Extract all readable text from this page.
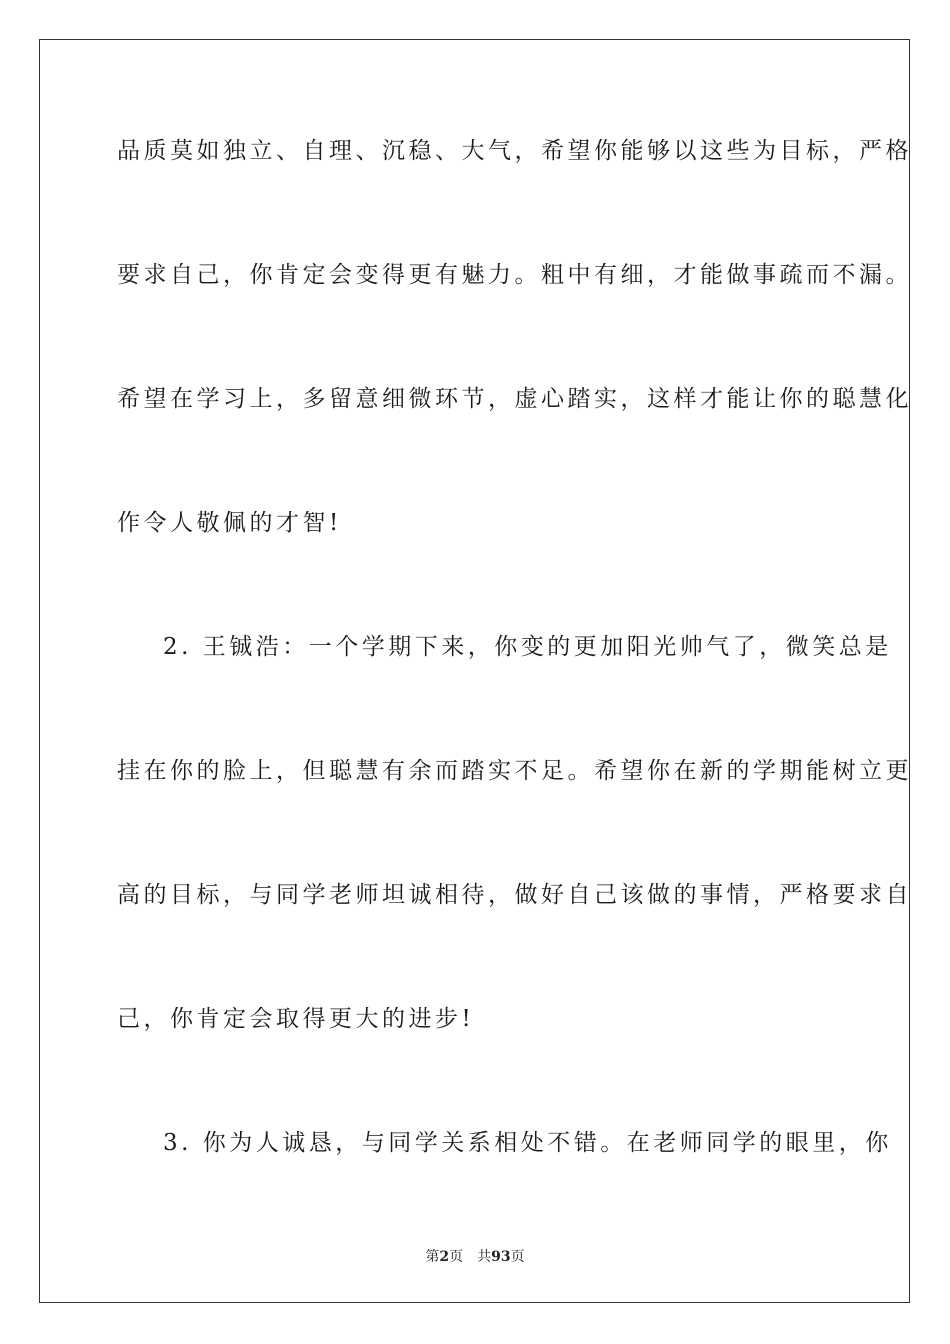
品质莫如独立、自理、沉稳、大气，希望你能够以这些为目标，严格
要求自己，你肯定会变得更有魅力。粗中有细，才能做事疏而不漏。
希望在学习上，多留意细微环节，虚心踏实，这样才能让你的聪慧化
作令人敬佩的才智!
2. 王铖浩：一个学期下来，你变的更加阳光帅气了，微笑总是
挂在你的脸上，但聪慧有余而踏实不足。希望你在新的学期能树立更
高的目标，与同学老师坦诚相待，做好自己该做的事情，严格要求自
己，你肯定会取得更大的进步!
3. 你为人诚恳，与同学关系相处不错。在老师同学的眼里，你
第2页 共93页
